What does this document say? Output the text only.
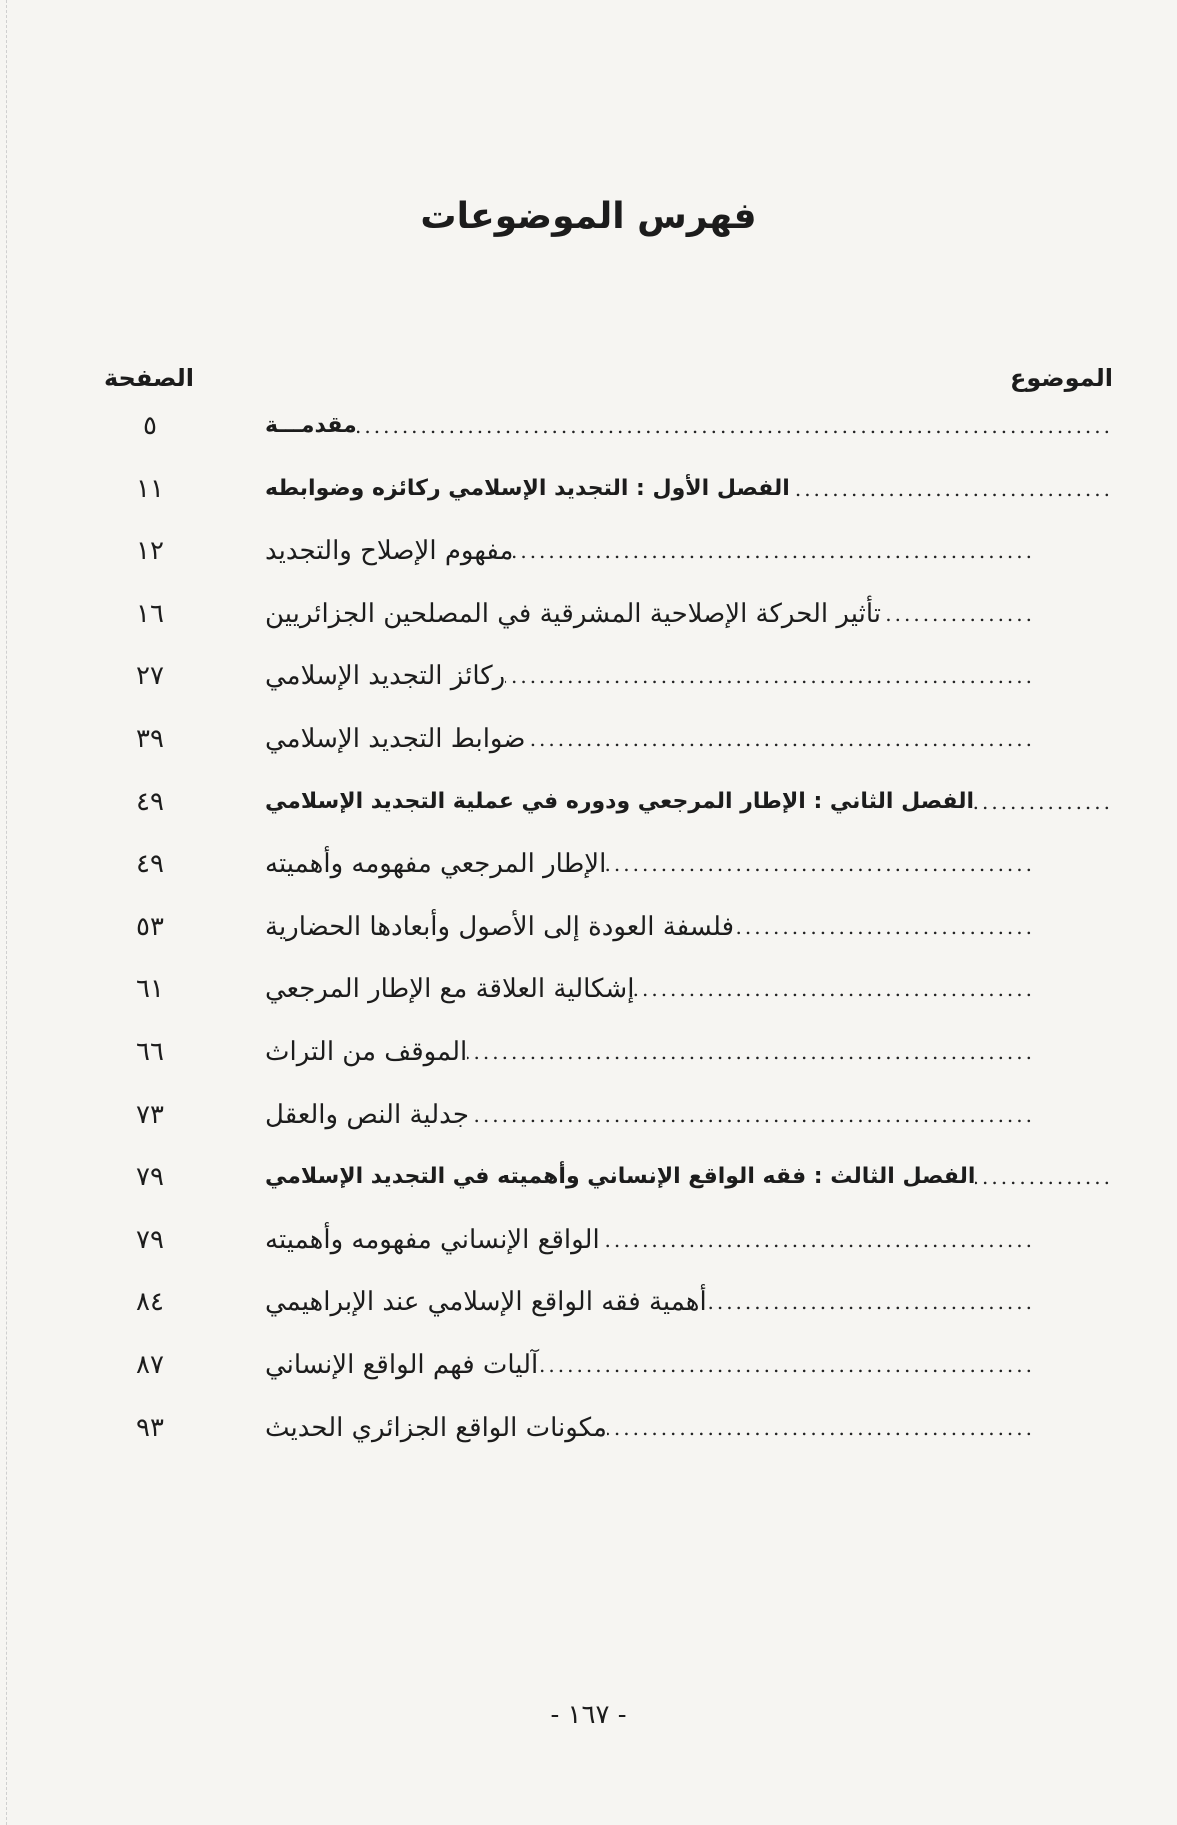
فهرس الموضوعات
الموضوع
الصفحة
مقدمـــة
.....
٥
الفصل الأول : التجديد الإسلامي ركائزه وضوابطه
.....
١١
مفهوم الإصلاح والتجديد
.....
١٢
تأثير الحركة الإصلاحية المشرقية في المصلحين الجزائريين
.....
١٦
ركائز التجديد الإسلامي
.....
٢٧
ضوابط التجديد الإسلامي
.....
٣٩
الفصل الثاني : الإطار المرجعي ودوره في عملية التجديد الإسلامي
.....
٤٩
الإطار المرجعي مفهومه وأهميته
.....
٤٩
فلسفة العودة إلى الأصول وأبعادها الحضارية
.....
٥٣
إشكالية العلاقة مع الإطار المرجعي
.....
٦١
الموقف من التراث
.....
٦٦
جدلية النص والعقل
.....
٧٣
الفصل الثالث : فقه الواقع الإنساني وأهميته في التجديد الإسلامي
.....
٧٩
الواقع الإنساني مفهومه وأهميته
.....
٧٩
أهمية فقه الواقع الإسلامي عند الإبراهيمي
.....
٨٤
آليات فهم الواقع الإنساني
.....
٨٧
مكونات الواقع الجزائري الحديث
.....
٩٣
- ١٦٧ -
